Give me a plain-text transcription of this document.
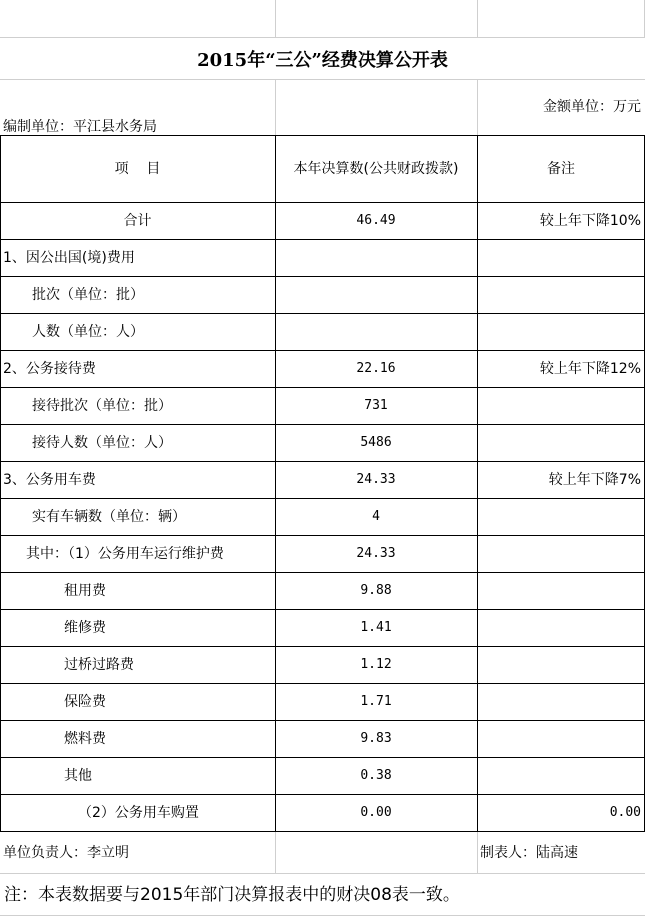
2015年“三公”经费决算公开表
编制单位：平江县水务局
金额单位：万元
项    目	本年决算数(公共财政拨款)	备注
合计	46.49	较上年下降10%
1、因公出国(境)费用
批次（单位：批）
人数（单位：人）
2、公务接待费	22.16	较上年下降12%
接待批次（单位：批）	731
接待人数（单位：人）	5486
3、公务用车费	24.33	较上年下降7%
实有车辆数（单位：辆）	4
其中：（1）公务用车运行维护费	24.33
租用费	9.88
维修费	1.41
过桥过路费	1.12
保险费	1.71
燃料费	9.83
其他	0.38
（2）公务用车购置	0.00	0.00
单位负责人：李立明	制表人：陆高速
注：本表数据要与2015年部门决算报表中的财决08表一致。
